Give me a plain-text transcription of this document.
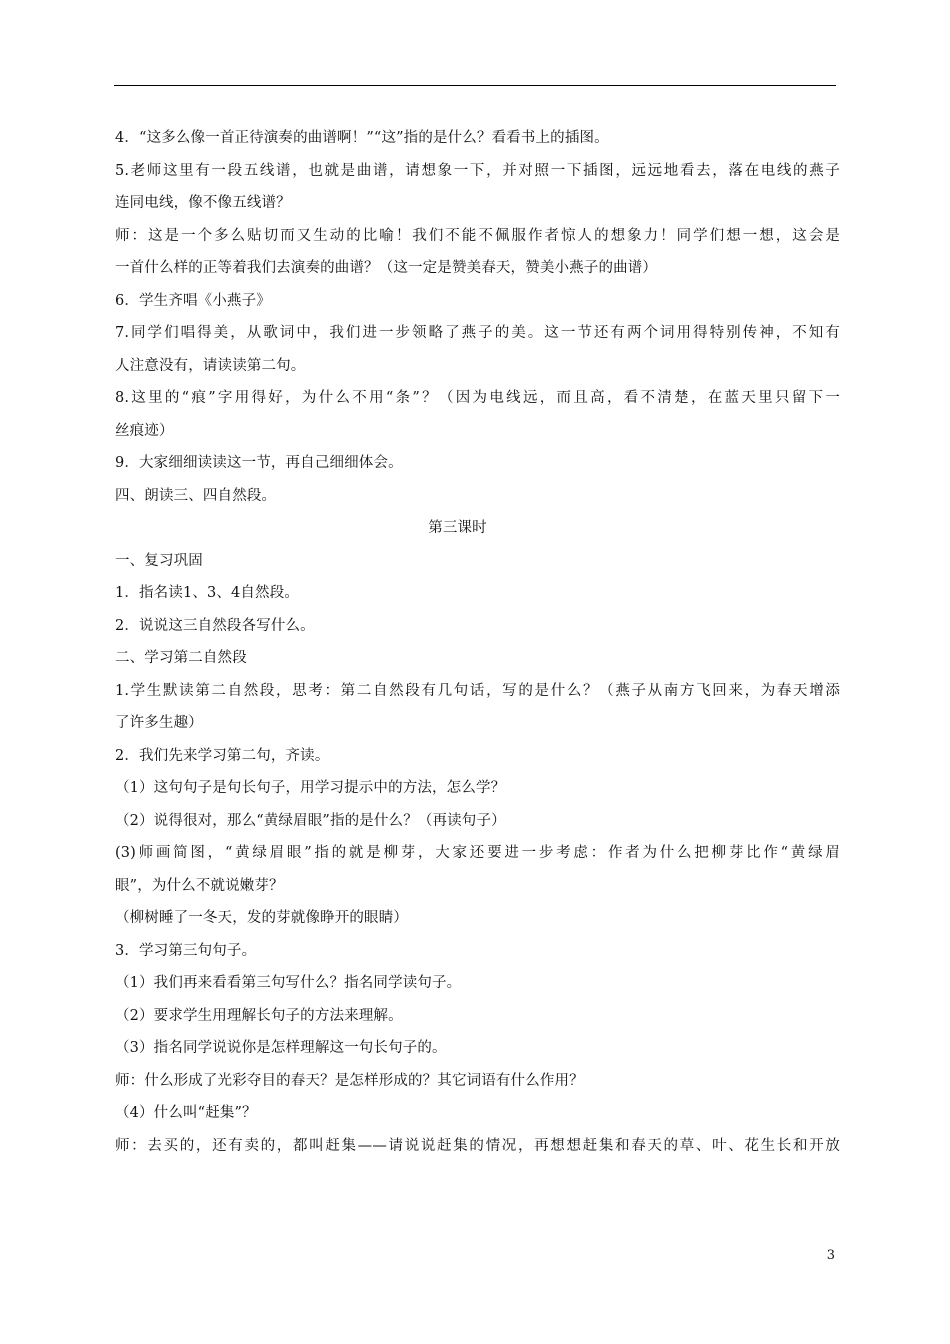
4．“这多么像一首正待演奏的曲谱啊！”“这”指的是什么？看看书上的插图。
5.老师这里有一段五线谱，也就是曲谱，请想象一下，并对照一下插图，远远地看去，落在电线的燕子
连同电线，像不像五线谱？
师：这是一个多么贴切而又生动的比喻！我们不能不佩服作者惊人的想象力！同学们想一想，这会是
一首什么样的正等着我们去演奏的曲谱？（这一定是赞美春天，赞美小燕子的曲谱）
6．学生齐唱《小燕子》
7.同学们唱得美，从歌词中，我们进一步领略了燕子的美。这一节还有两个词用得特别传神，不知有
人注意没有，请读读第二句。
8.这里的“痕”字用得好，为什么不用“条”？（因为电线远，而且高，看不清楚，在蓝天里只留下一
丝痕迹）
9．大家细细读读这一节，再自己细细体会。
四、朗读三、四自然段。
第三课时
一、复习巩固
1．指名读1、3、4自然段。
2．说说这三自然段各写什么。
二、学习第二自然段
1.学生默读第二自然段，思考：第二自然段有几句话，写的是什么？（燕子从南方飞回来，为春天增添
了许多生趣）
2．我们先来学习第二句，齐读。
（1）这句句子是句长句子，用学习提示中的方法，怎么学？
（2）说得很对，那么“黄绿眉眼”指的是什么？（再读句子）
(3)师画简图，“黄绿眉眼”指的就是柳芽，大家还要进一步考虑：作者为什么把柳芽比作“黄绿眉
眼”，为什么不就说嫩芽？
（柳树睡了一冬天，发的芽就像睁开的眼睛）
3．学习第三句句子。
（1）我们再来看看第三句写什么？指名同学读句子。
（2）要求学生用理解长句子的方法来理解。
（3）指名同学说说你是怎样理解这一句长句子的。
师：什么形成了光彩夺目的春天？是怎样形成的？其它词语有什么作用？
（4）什么叫“赶集”？
师：去买的，还有卖的，都叫赶集——请说说赶集的情况，再想想赶集和春天的草、叶、花生长和开放
3
